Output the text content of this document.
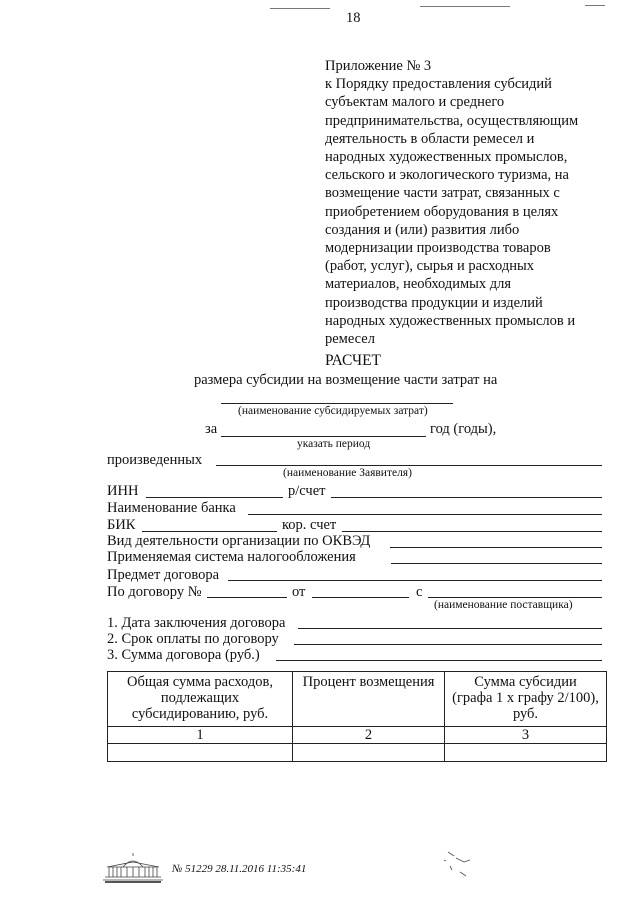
18
Приложение № 3
к Порядку предоставления субсидий
субъектам малого и среднего
предпринимательства, осуществляющим
деятельность в области ремесел и
народных художественных промыслов,
сельского и экологического туризма, на
возмещение части затрат, связанных с
приобретением оборудования в целях
создания и (или) развития либо
модернизации производства товаров
(работ, услуг), сырья и расходных
материалов, необходимых для
производства продукции и изделий
народных художественных промыслов и
ремесел
РАСЧЕТ
размера субсидии на возмещение части затрат на
(наименование субсидируемых затрат)
за	год (годы),
указать период
произведенных
(наименование Заявителя)
ИНН	р/счет
Наименование банка
БИК	кор. счет
Вид деятельности организации по ОКВЭД
Применяемая система налогообложения
Предмет договора
По договору №	от	с
(наименование поставщика)
1. Дата заключения договора
2. Срок оплаты по договору
3. Сумма договора (руб.)
Общая сумма расходов,
подлежащих
субсидированию, руб.	Процент возмещения	Сумма субсидии
(графа 1 х графу 2/100),
руб.
1	2	3

№ 51229 28.11.2016 11:35:41
